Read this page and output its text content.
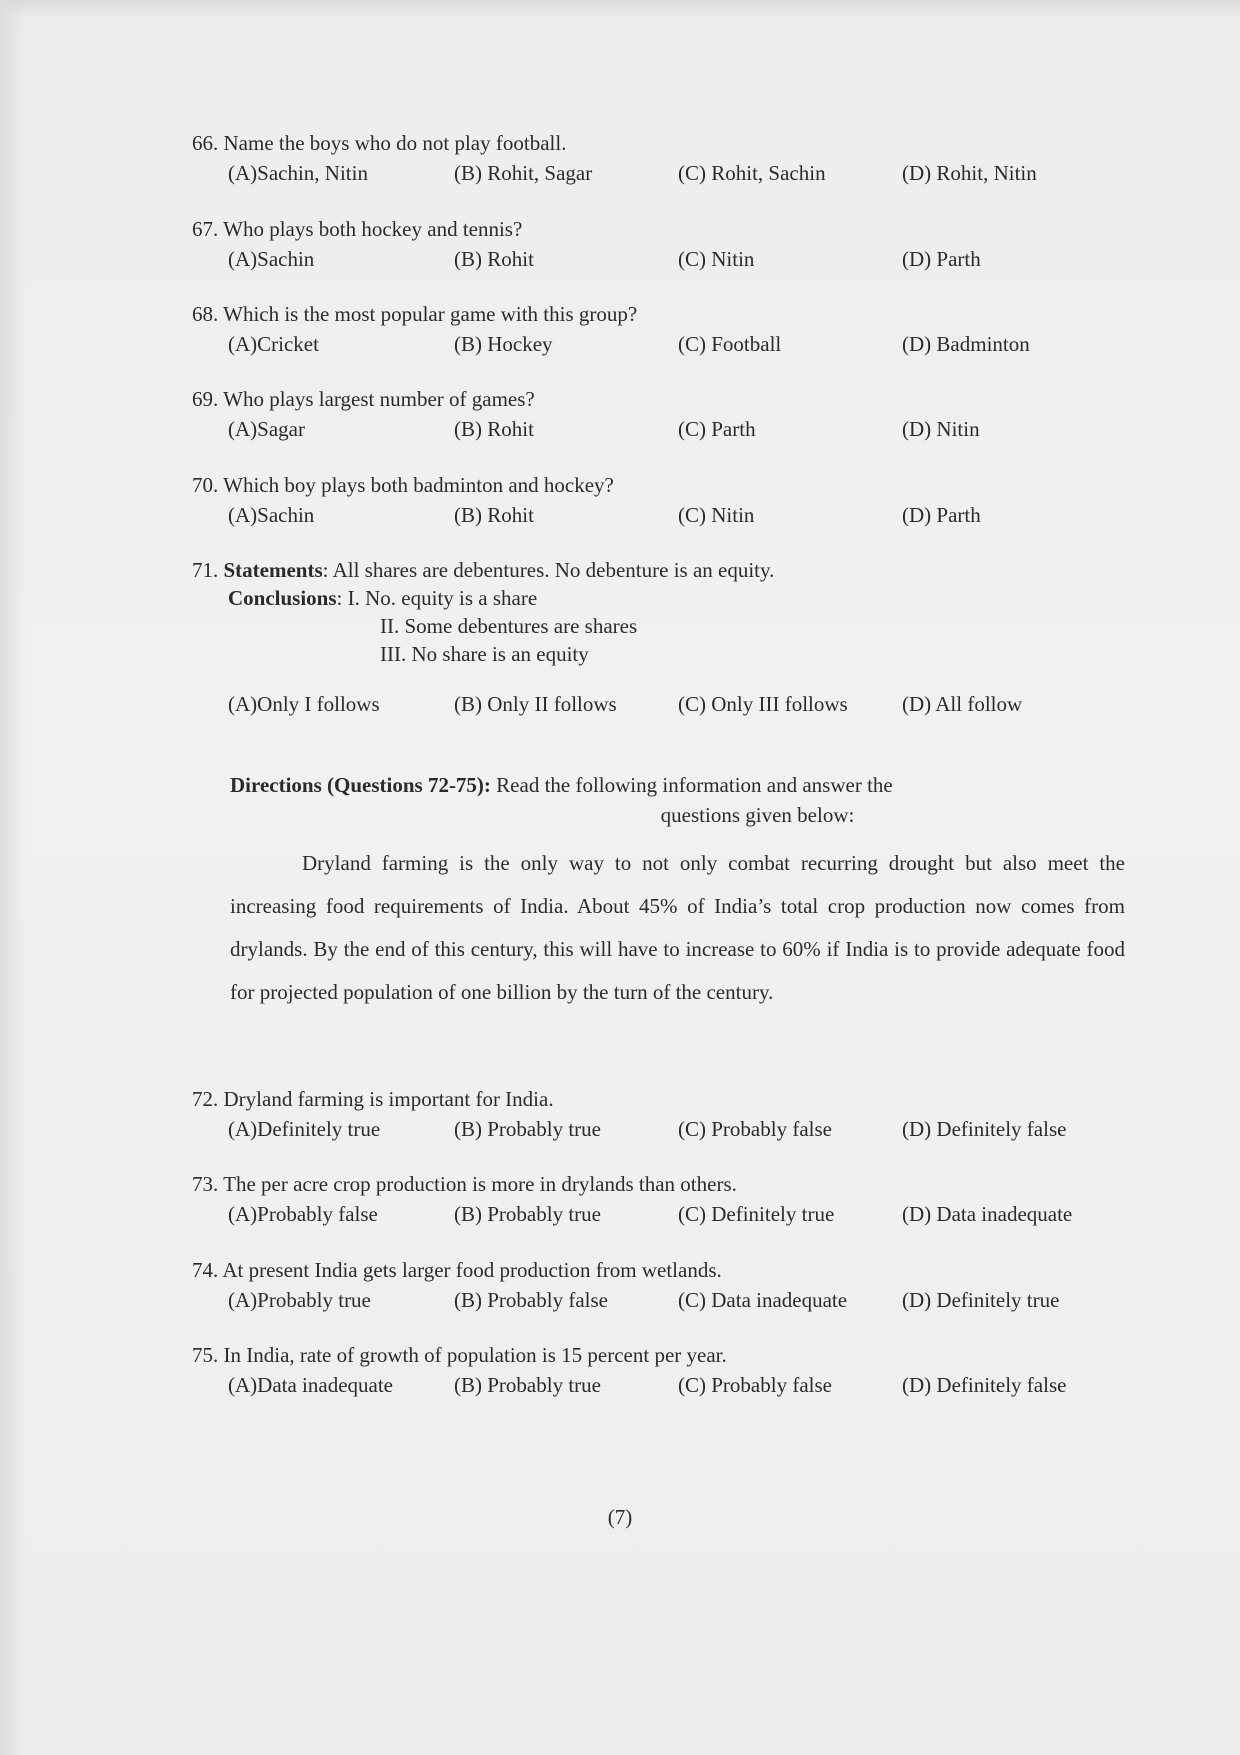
66. Name the boys who do not play football.
(A)Sachin, Nitin	(B) Rohit, Sagar	(C) Rohit, Sachin	(D) Rohit, Nitin
67. Who plays both hockey and tennis?
(A)Sachin	(B) Rohit	(C) Nitin	(D) Parth
68. Which is the most popular game with this group?
(A)Cricket	(B) Hockey	(C) Football	(D) Badminton
69. Who plays largest number of games?
(A)Sagar	(B) Rohit	(C) Parth	(D) Nitin
70. Which boy plays both badminton and hockey?
(A)Sachin	(B) Rohit	(C) Nitin	(D) Parth
71. Statements: All shares are debentures. No debenture is an equity.
Conclusions: I. No. equity is a share
II. Some debentures are shares
III. No share is an equity
(A)Only I follows	(B) Only II follows	(C) Only III follows	(D) All follow
Directions (Questions 72-75): Read the following information and answer the
questions given below:
Dryland farming is the only way to not only combat recurring drought but also meet the increasing food requirements of India. About 45% of India’s total crop production now comes from drylands. By the end of this century, this will have to increase to 60% if India is to provide adequate food for projected population of one billion by the turn of the century.
72. Dryland farming is important for India.
(A)Definitely true	(B) Probably true	(C) Probably false	(D) Definitely false
73. The per acre crop production is more in drylands than others.
(A)Probably false	(B) Probably true	(C) Definitely true	(D) Data inadequate
74. At present India gets larger food production from wetlands.
(A)Probably true	(B) Probably false	(C) Data inadequate	(D) Definitely true
75. In India, rate of growth of population is 15 percent per year.
(A)Data inadequate	(B) Probably true	(C) Probably false	(D) Definitely false
(7)
